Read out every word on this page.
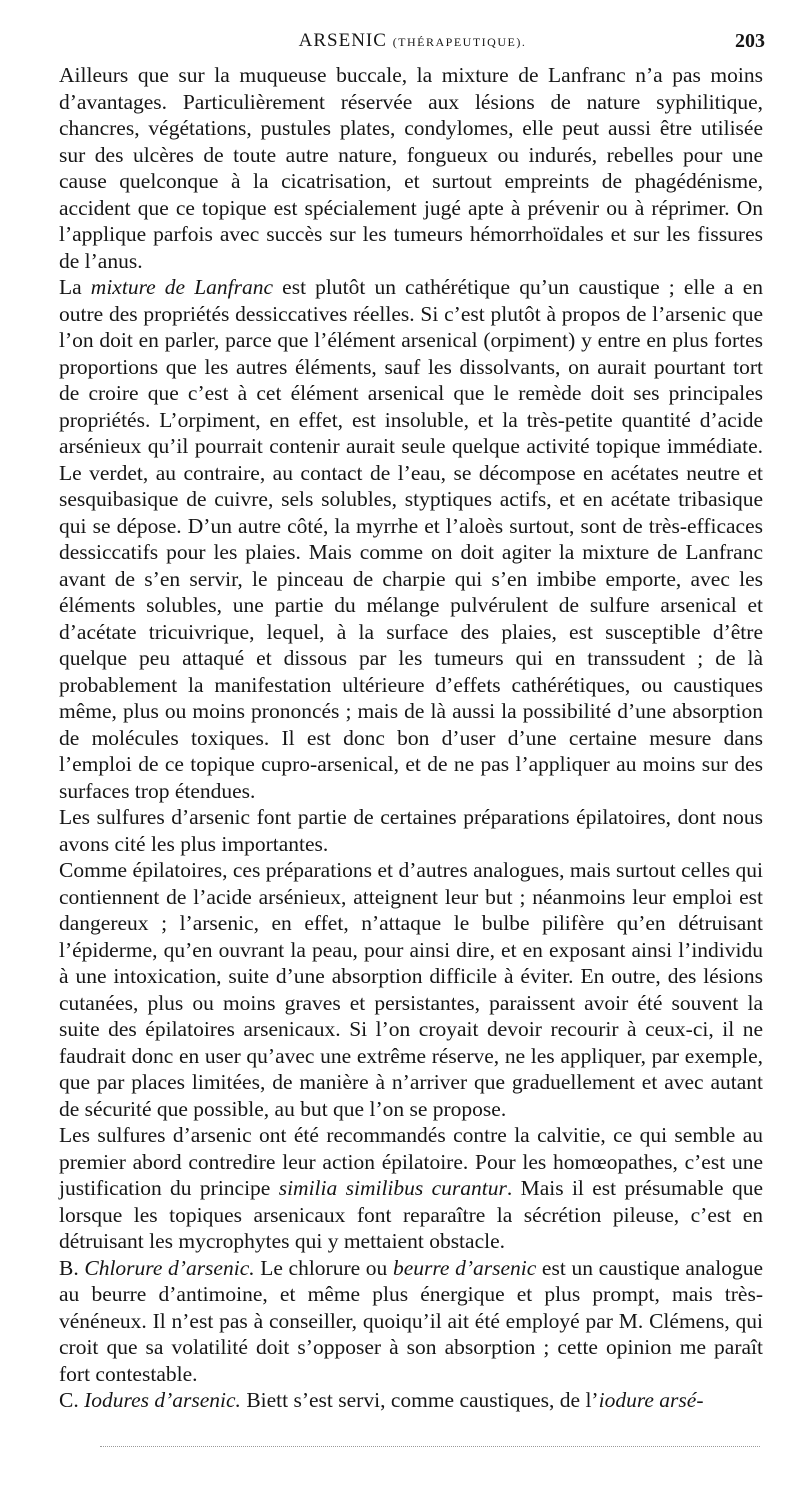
ARSENIC (THÉRAPEUTIQUE).	203

Ailleurs que sur la muqueuse buccale, la mixture de Lanfranc n’a pas moins d’avantages. Particulièrement réservée aux lésions de nature syphilitique, chancres, végétations, pustules plates, condylomes, elle peut aussi être utilisée sur des ulcères de toute autre nature, fongueux ou indurés, rebelles pour une cause quelconque à la cicatrisation, et surtout empreints de phagédénisme, accident que ce topique est spécialement jugé apte à prévenir ou à réprimer. On l’applique parfois avec succès sur les tumeurs hémorrhoïdales et sur les fissures de l’anus.

La mixture de Lanfranc est plutôt un cathérétique qu’un caustique ; elle a en outre des propriétés dessiccatives réelles. Si c’est plutôt à propos de l’arsenic que l’on doit en parler, parce que l’élément arsenical (orpiment) y entre en plus fortes proportions que les autres éléments, sauf les dissolvants, on aurait pourtant tort de croire que c’est à cet élément arsenical que le remède doit ses principales propriétés. L’orpiment, en effet, est insoluble, et la très-petite quantité d’acide arsénieux qu’il pourrait contenir aurait seule quelque activité topique immédiate. Le verdet, au contraire, au contact de l’eau, se décompose en acétates neutre et sesquibasique de cuivre, sels solubles, styptiques actifs, et en acétate tribasique qui se dépose. D’un autre côté, la myrrhe et l’aloès surtout, sont de très-efficaces dessiccatifs pour les plaies. Mais comme on doit agiter la mixture de Lanfranc avant de s’en servir, le pinceau de charpie qui s’en imbibe emporte, avec les éléments solubles, une partie du mélange pulvérulent de sulfure arsenical et d’acétate tricuivrique, lequel, à la surface des plaies, est susceptible d’être quelque peu attaqué et dissous par les tumeurs qui en transsudent ; de là probablement la manifestation ultérieure d’effets cathérétiques, ou caustiques même, plus ou moins prononcés ; mais de là aussi la possibilité d’une absorption de molécules toxiques. Il est donc bon d’user d’une certaine mesure dans l’emploi de ce topique cupro-arsenical, et de ne pas l’appliquer au moins sur des surfaces trop étendues.

Les sulfures d’arsenic font partie de certaines préparations épilatoires, dont nous avons cité les plus importantes.

Comme épilatoires, ces préparations et d’autres analogues, mais surtout celles qui contiennent de l’acide arsénieux, atteignent leur but ; néanmoins leur emploi est dangereux ; l’arsenic, en effet, n’attaque le bulbe pilifère qu’en détruisant l’épiderme, qu’en ouvrant la peau, pour ainsi dire, et en exposant ainsi l’individu à une intoxication, suite d’une absorption difficile à éviter. En outre, des lésions cutanées, plus ou moins graves et persistantes, paraissent avoir été souvent la suite des épilatoires arsenicaux. Si l’on croyait devoir recourir à ceux-ci, il ne faudrait donc en user qu’avec une extrême réserve, ne les appliquer, par exemple, que par places limitées, de manière à n’arriver que graduellement et avec autant de sécurité que possible, au but que l’on se propose.

Les sulfures d’arsenic ont été recommandés contre la calvitie, ce qui semble au premier abord contredire leur action épilatoire. Pour les homœopathes, c’est une justification du principe similia similibus curantur. Mais il est présumable que lorsque les topiques arsenicaux font reparaître la sécrétion pileuse, c’est en détruisant les mycrophytes qui y mettaient obstacle.

B. Chlorure d’arsenic. Le chlorure ou beurre d’arsenic est un caustique analogue au beurre d’antimoine, et même plus énergique et plus prompt, mais très-vénéneux. Il n’est pas à conseiller, quoiqu’il ait été employé par M. Clémens, qui croit que sa volatilité doit s’opposer à son absorption ; cette opinion me paraît fort contestable.

C. Iodures d’arsenic. Biett s’est servi, comme caustiques, de l’iodure arsé-
